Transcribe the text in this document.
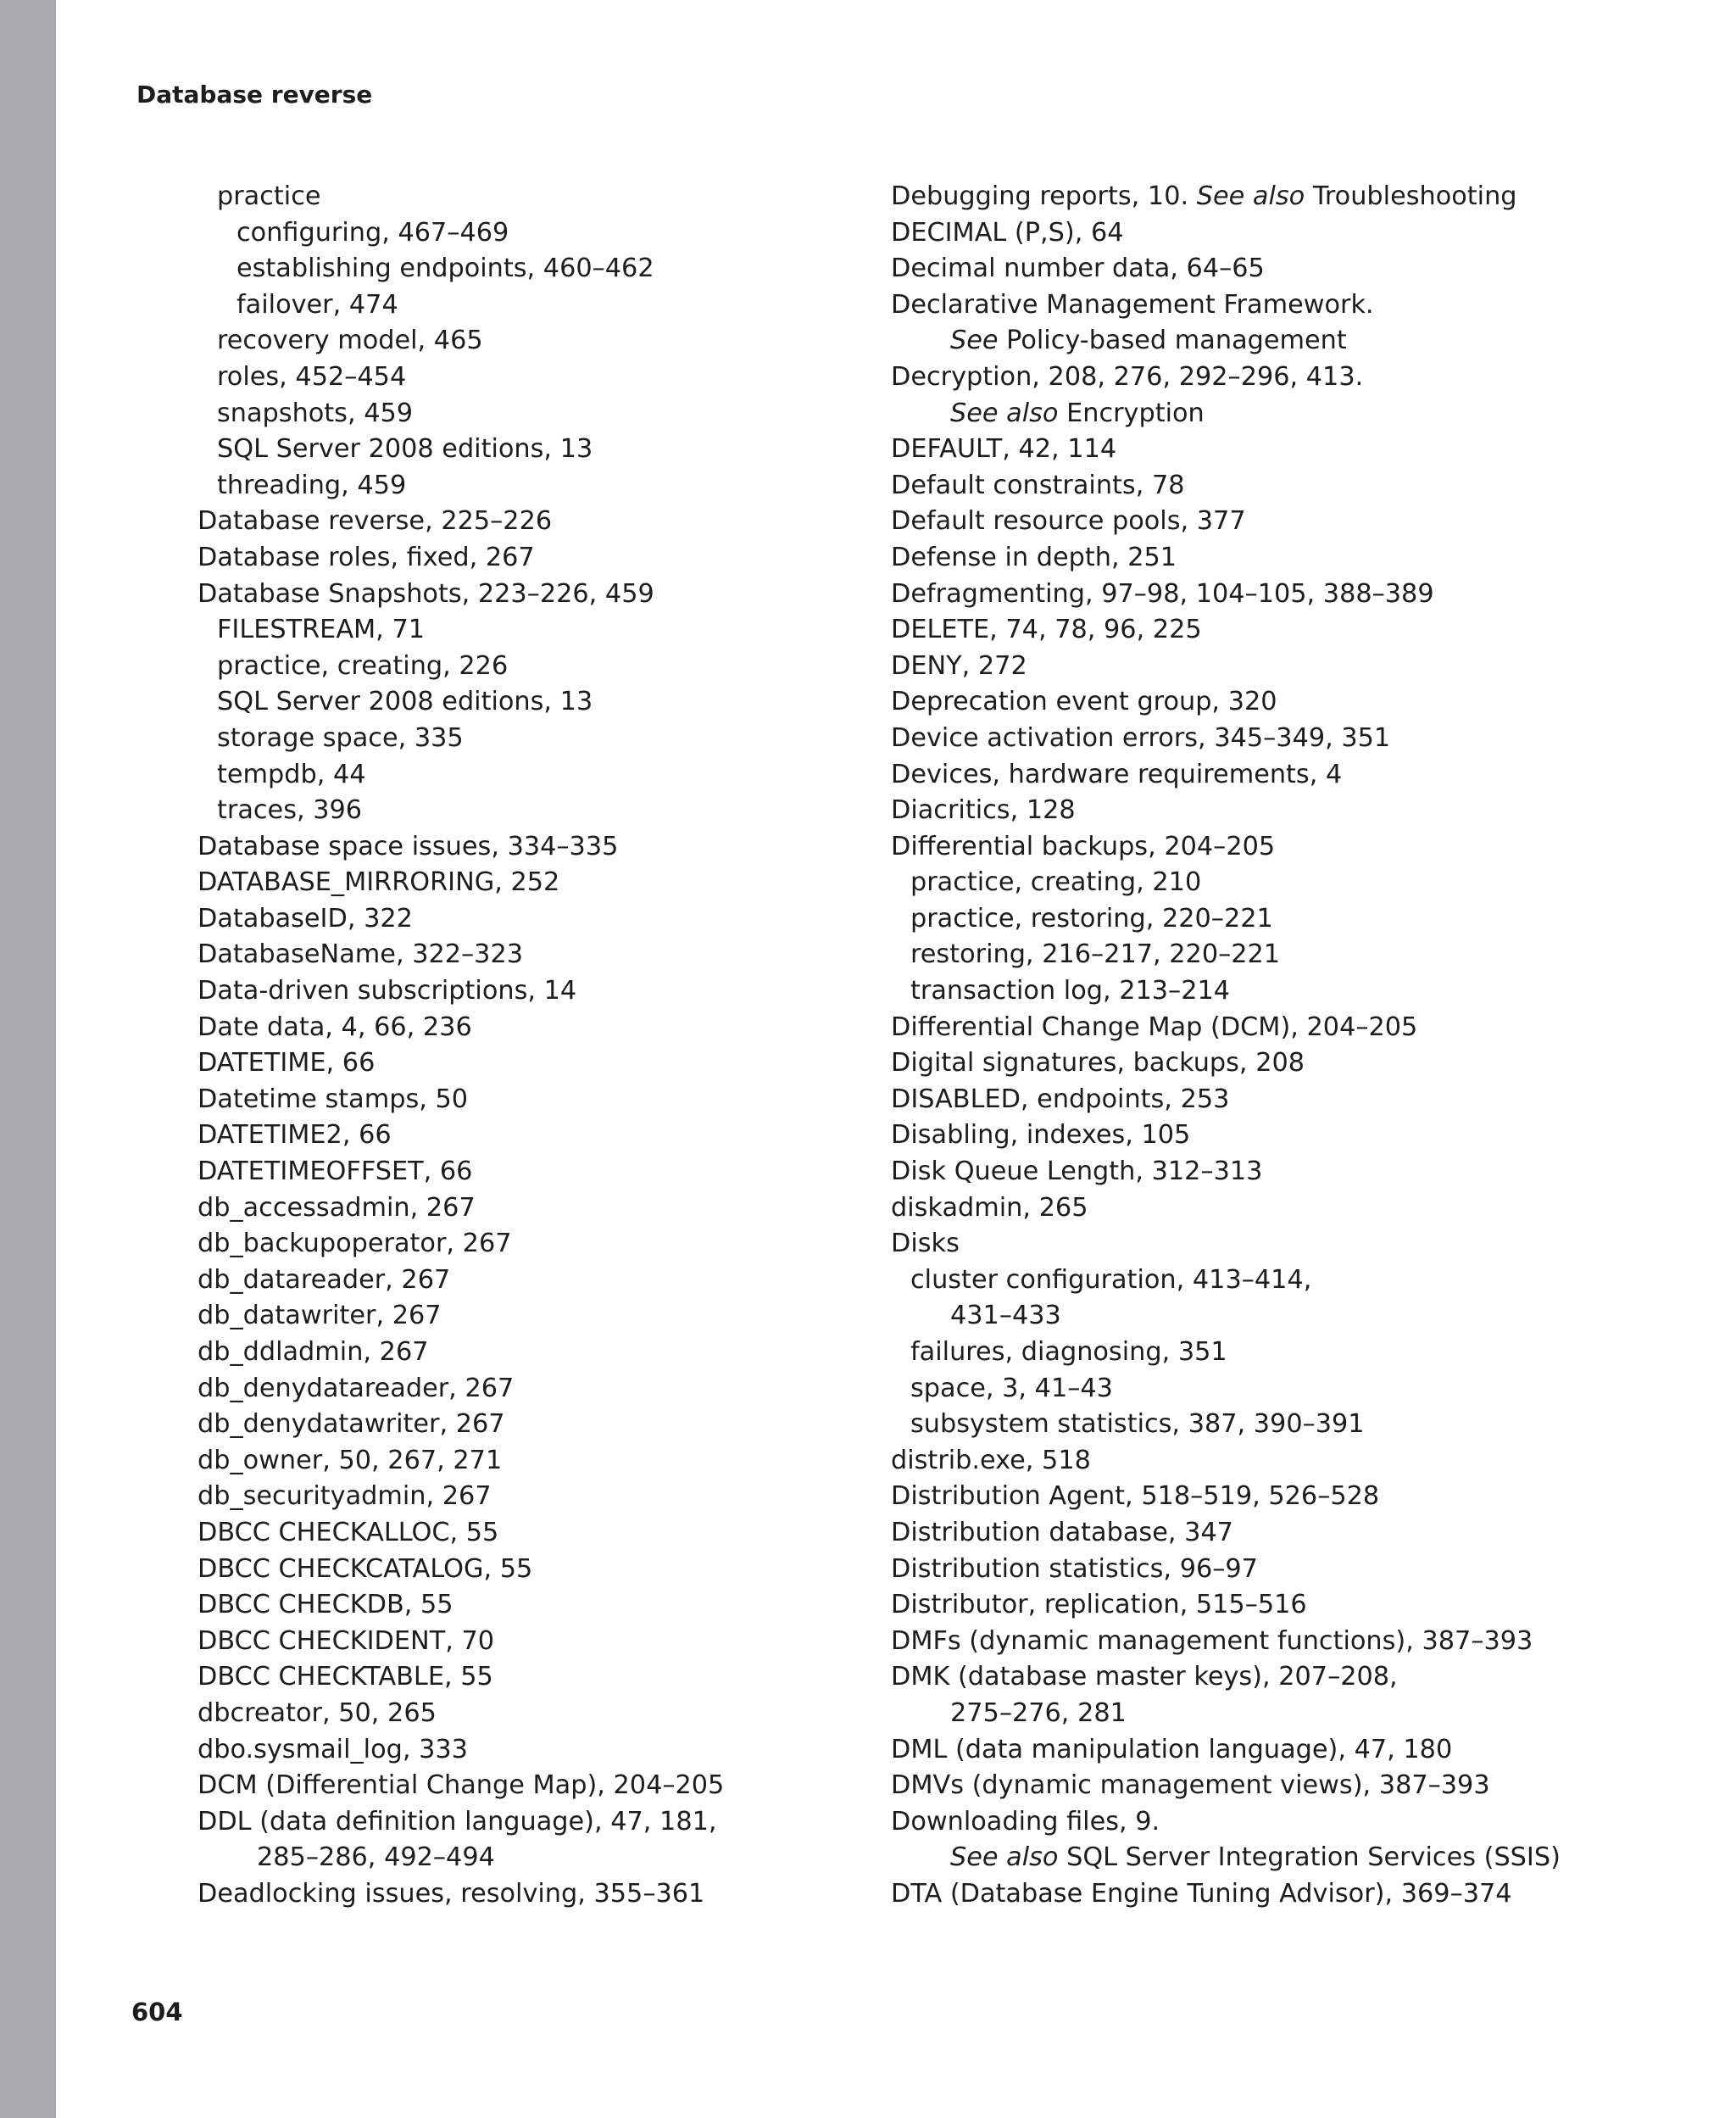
Database reverse
practice
configuring, 467–469
establishing endpoints, 460–462
failover, 474
recovery model, 465
roles, 452–454
snapshots, 459
SQL Server 2008 editions, 13
threading, 459
Database reverse, 225–226
Database roles, fixed, 267
Database Snapshots, 223–226, 459
FILESTREAM, 71
practice, creating, 226
SQL Server 2008 editions, 13
storage space, 335
tempdb, 44
traces, 396
Database space issues, 334–335
DATABASE_MIRRORING, 252
DatabaseID, 322
DatabaseName, 322–323
Data-driven subscriptions, 14
Date data, 4, 66, 236
DATETIME, 66
Datetime stamps, 50
DATETIME2, 66
DATETIMEOFFSET, 66
db_accessadmin, 267
db_backupoperator, 267
db_datareader, 267
db_datawriter, 267
db_ddladmin, 267
db_denydatareader, 267
db_denydatawriter, 267
db_owner, 50, 267, 271
db_securityadmin, 267
DBCC CHECKALLOC, 55
DBCC CHECKCATALOG, 55
DBCC CHECKDB, 55
DBCC CHECKIDENT, 70
DBCC CHECKTABLE, 55
dbcreator, 50, 265
dbo.sysmail_log, 333
DCM (Differential Change Map), 204–205
DDL (data definition language), 47, 181,
285–286, 492–494
Deadlocking issues, resolving, 355–361
Debugging reports, 10. See also Troubleshooting
DECIMAL (P,S), 64
Decimal number data, 64–65
Declarative Management Framework.
See Policy-based management
Decryption, 208, 276, 292–296, 413.
See also Encryption
DEFAULT, 42, 114
Default constraints, 78
Default resource pools, 377
Defense in depth, 251
Defragmenting, 97–98, 104–105, 388–389
DELETE, 74, 78, 96, 225
DENY, 272
Deprecation event group, 320
Device activation errors, 345–349, 351
Devices, hardware requirements, 4
Diacritics, 128
Differential backups, 204–205
practice, creating, 210
practice, restoring, 220–221
restoring, 216–217, 220–221
transaction log, 213–214
Differential Change Map (DCM), 204–205
Digital signatures, backups, 208
DISABLED, endpoints, 253
Disabling, indexes, 105
Disk Queue Length, 312–313
diskadmin, 265
Disks
cluster configuration, 413–414,
431–433
failures, diagnosing, 351
space, 3, 41–43
subsystem statistics, 387, 390–391
distrib.exe, 518
Distribution Agent, 518–519, 526–528
Distribution database, 347
Distribution statistics, 96–97
Distributor, replication, 515–516
DMFs (dynamic management functions), 387–393
DMK (database master keys), 207–208,
275–276, 281
DML (data manipulation language), 47, 180
DMVs (dynamic management views), 387–393
Downloading files, 9.
See also SQL Server Integration Services (SSIS)
DTA (Database Engine Tuning Advisor), 369–374
604
